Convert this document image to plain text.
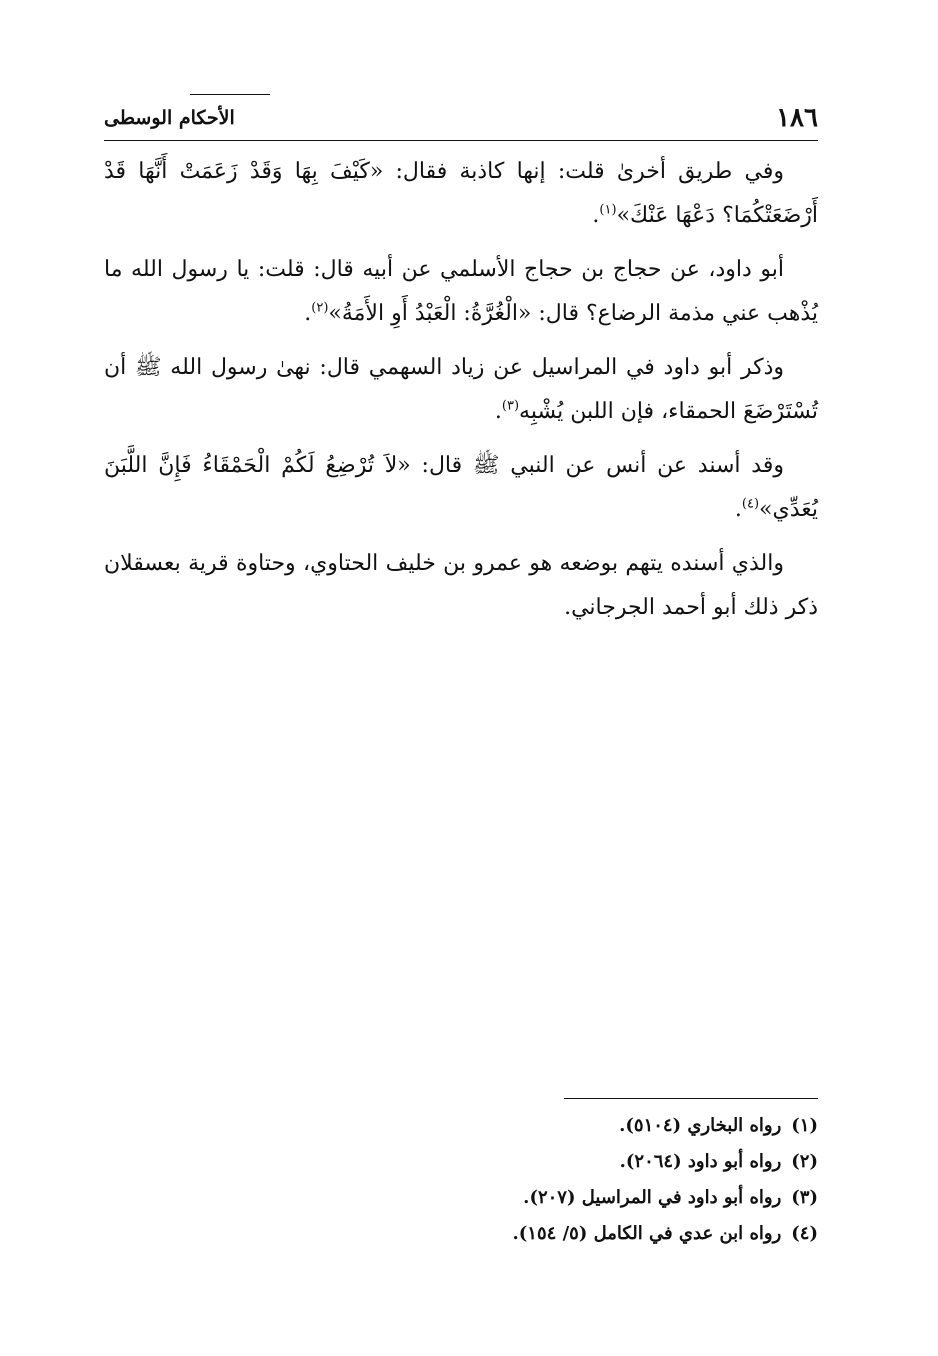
١٨٦
الأحكام الوسطى

وفي طريق أخرىٰ قلت: إنها كاذبة فقال: «كَيْفَ بِهَا وَقَدْ زَعَمَتْ أَنَّهَا قَدْ أَرْضَعَتْكُمَا؟ دَعْهَا عَنْكَ»$^{(١)}$.

أبو داود، عن حجاج بن حجاج الأسلمي عن أبيه قال: قلت: يا رسول الله ما يُذْهب عني مذمة الرضاع؟ قال: «الْغُرَّةُ: الْعَبْدُ أَوِ الأَمَةُ»$^{(٢)}$.

وذكر أبو داود في المراسيل عن زياد السهمي قال: نهىٰ رسول الله ﷺ أن تُسْتَرْضَعَ الحمقاء، فإن اللبن يُشْبِه$^{(٣)}$.

وقد أسند عن أنس عن النبي ﷺ قال: «لاَ تُرْضِعُ لَكُمْ الْحَمْقَاءُ فَإِنَّ اللَّبَنَ يُعَدِّي»$^{(٤)}$.

والذي أسنده يتهم بوضعه هو عمرو بن خليف الحتاوي، وحتاوة قرية بعسقلان ذكر ذلك أبو أحمد الجرجاني.

(١)
رواه البخاري (٥١٠٤).

(٢)
رواه أبو داود (٢٠٦٤).

(٣)
رواه أبو داود في المراسيل (٢٠٧).

(٤)
رواه ابن عدي في الكامل (٥/ ١٥٤).
